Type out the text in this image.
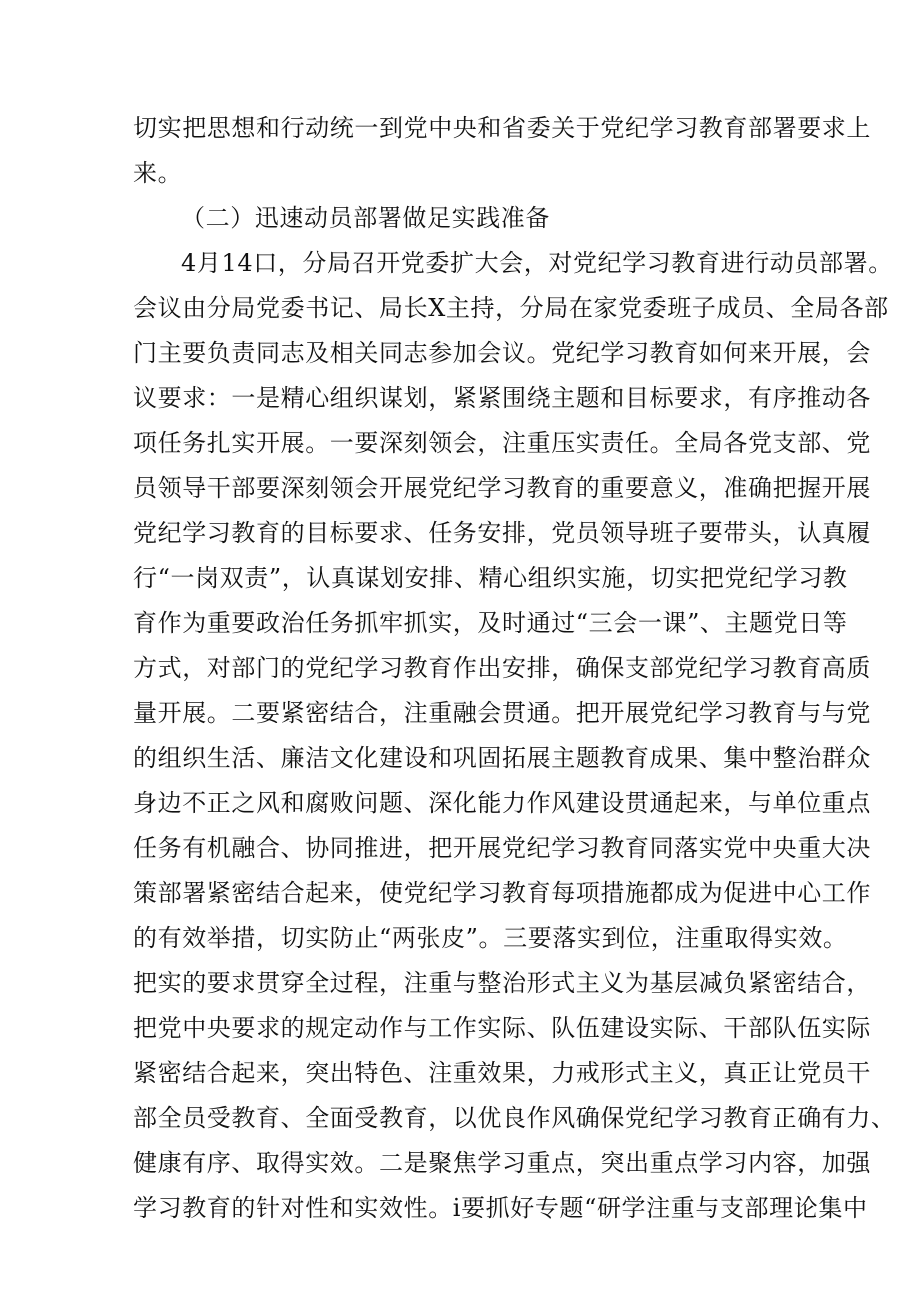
切实把思想和行动统一到党中央和省委关于党纪学习教育部署要求上
来。
（二）迅速动员部署做足实践准备
4月14口，分局召开党委扩大会，对党纪学习教育进行动员部署。
会议由分局党委书记、局长X主持，分局在家党委班子成员、全局各部
门主要负责同志及相关同志参加会议。党纪学习教育如何来开展，会
议要求：一是精心组织谋划，紧紧围绕主题和目标要求，有序推动各
项任务扎实开展。一要深刻领会，注重压实责任。全局各党支部、党
员领导干部要深刻领会开展党纪学习教育的重要意义，准确把握开展
党纪学习教育的目标要求、任务安排，党员领导班子要带头，认真履
行“一岗双责”，认真谋划安排、精心组织实施，切实把党纪学习教
育作为重要政治任务抓牢抓实，及时通过“三会一课”、主题党日等
方式，对部门的党纪学习教育作出安排，确保支部党纪学习教育高质
量开展。二要紧密结合，注重融会贯通。把开展党纪学习教育与与党
的组织生活、廉洁文化建设和巩固拓展主题教育成果、集中整治群众
身边不正之风和腐败问题、深化能力作风建设贯通起来，与单位重点
任务有机融合、协同推进，把开展党纪学习教育同落实党中央重大决
策部署紧密结合起来，使党纪学习教育每项措施都成为促进中心工作
的有效举措，切实防止“两张皮”。三要落实到位，注重取得实效。
把实的要求贯穿全过程，注重与整治形式主义为基层减负紧密结合，
把党中央要求的规定动作与工作实际、队伍建设实际、干部队伍实际
紧密结合起来，突出特色、注重效果，力戒形式主义，真正让党员干
部全员受教育、全面受教育，以优良作风确保党纪学习教育正确有力、
健康有序、取得实效。二是聚焦学习重点，突出重点学习内容，加强
学习教育的针对性和实效性。i要抓好专题“研学注重与支部理论集中
